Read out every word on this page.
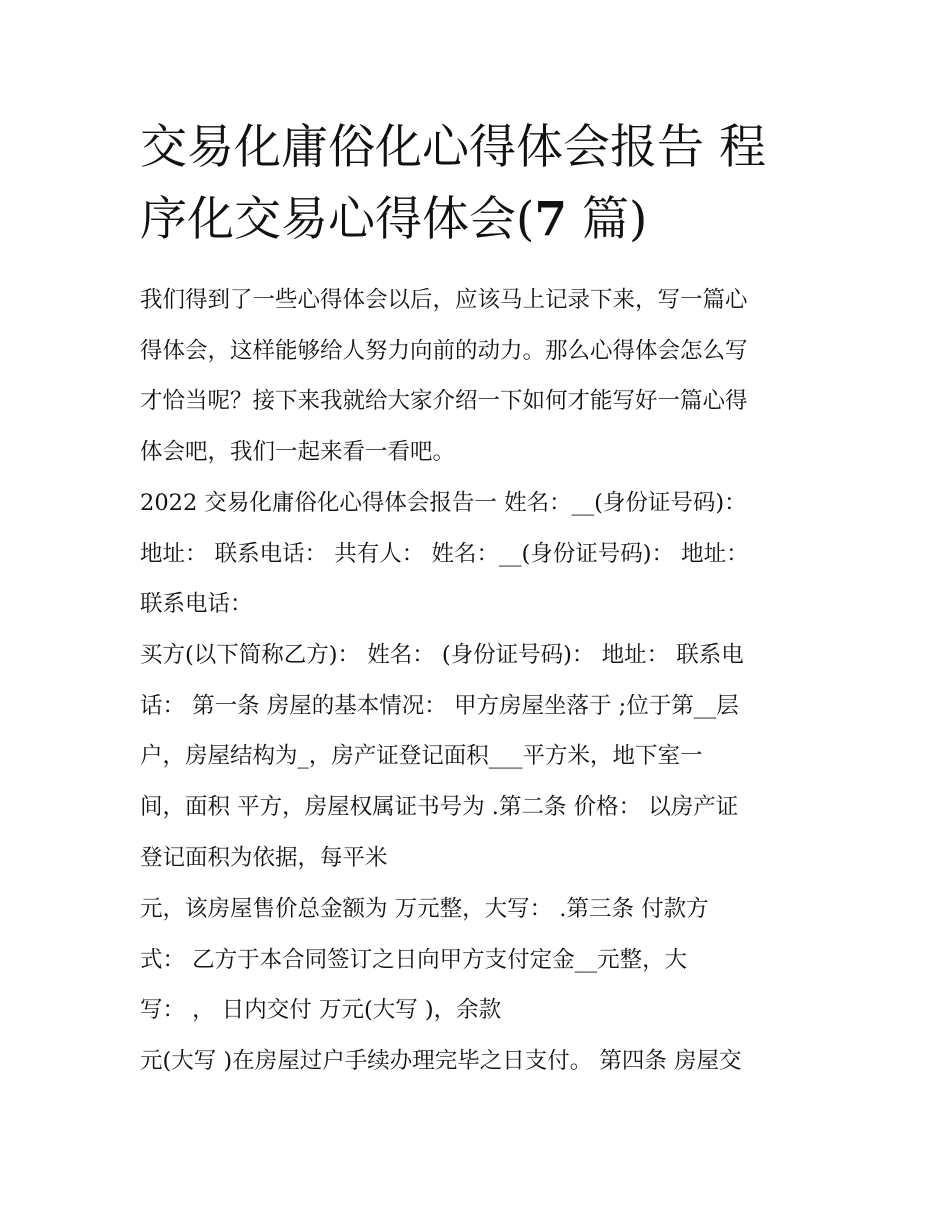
交易化庸俗化心得体会报告 程
序化交易心得体会(7 篇)
我们得到了一些心得体会以后，应该马上记录下来，写一篇心
得体会，这样能够给人努力向前的动力。那么心得体会怎么写
才恰当呢？接下来我就给大家介绍一下如何才能写好一篇心得
体会吧，我们一起来看一看吧。
2022 交易化庸俗化心得体会报告一 姓名：__(身份证号码)：
地址： 联系电话： 共有人： 姓名：__(身份证号码)： 地址：
联系电话：
买方(以下简称乙方)： 姓名： (身份证号码)： 地址： 联系电
话： 第一条 房屋的基本情况： 甲方房屋坐落于 ;位于第__层
户，房屋结构为_，房产证登记面积___平方米，地下室一
间，面积 平方，房屋权属证书号为 .第二条 价格： 以房产证
登记面积为依据，每平米
元，该房屋售价总金额为 万元整，大写： .第三条 付款方
式： 乙方于本合同签订之日向甲方支付定金__元整，大
写： ， 日内交付 万元(大写 )，余款
元(大写 )在房屋过户手续办理完毕之日支付。 第四条 房屋交
